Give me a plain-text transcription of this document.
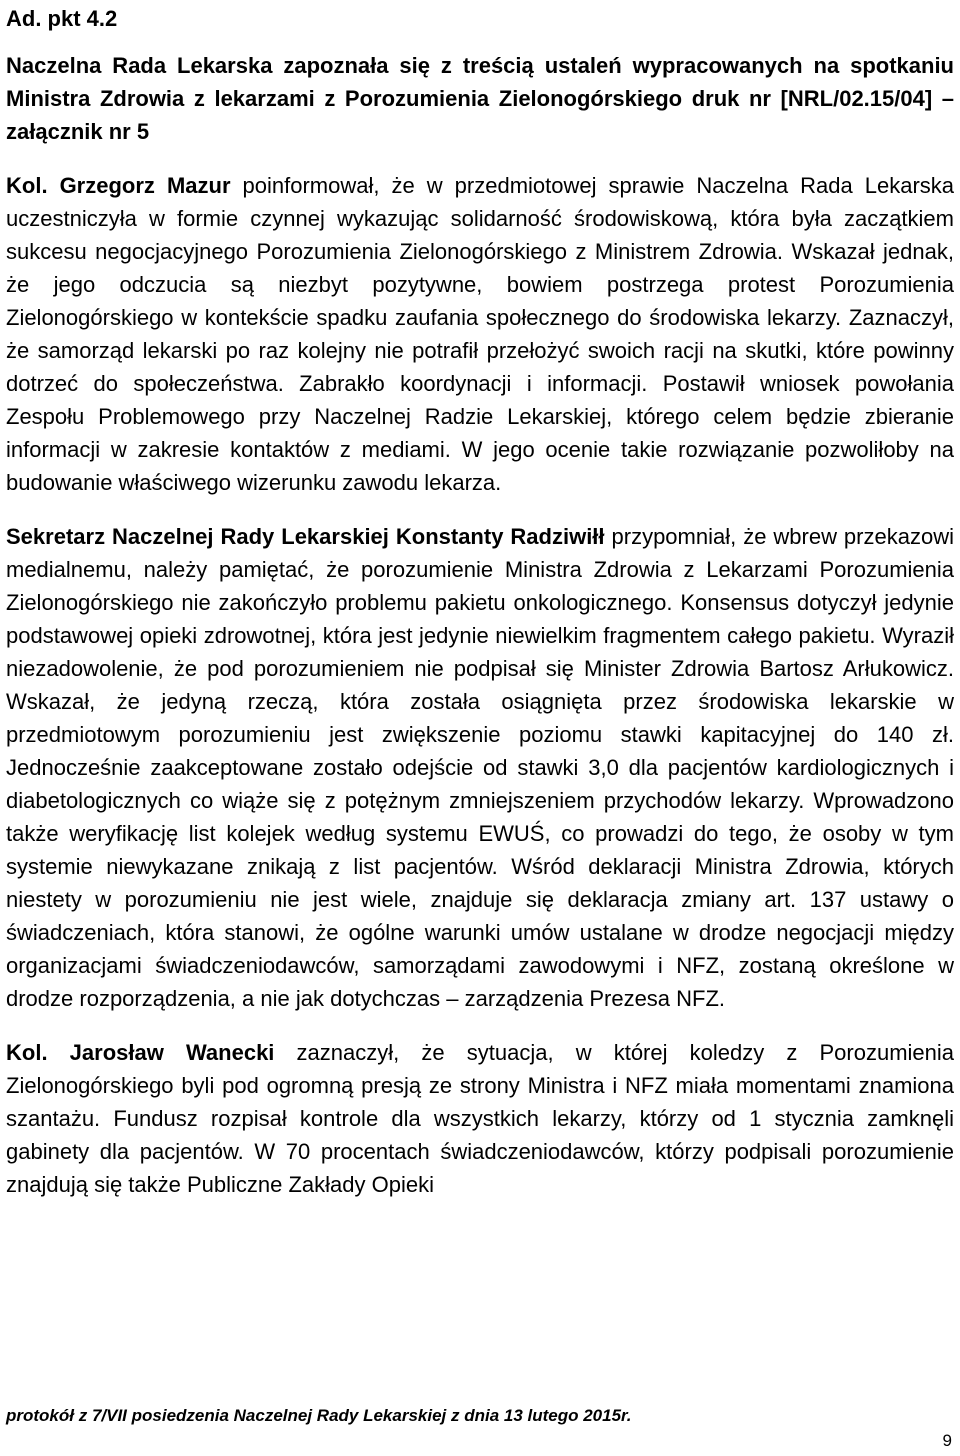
Ad. pkt 4.2

Naczelna Rada Lekarska zapoznała się z treścią ustaleń wypracowanych na spotkaniu Ministra Zdrowia z lekarzami z Porozumienia Zielonogórskiego druk nr [NRL/02.15/04] – załącznik nr 5

Kol. Grzegorz Mazur poinformował, że w przedmiotowej sprawie Naczelna Rada Lekarska uczestniczyła w formie czynnej wykazując solidarność środowiskową, która była zaczątkiem sukcesu negocjacyjnego Porozumienia Zielonogórskiego z Ministrem Zdrowia. Wskazał jednak, że jego odczucia są niezbyt pozytywne, bowiem postrzega protest Porozumienia Zielonogórskiego w kontekście spadku zaufania społecznego do środowiska lekarzy. Zaznaczył, że samorząd lekarski po raz kolejny nie potrafił przełożyć swoich racji na skutki, które powinny dotrzeć do społeczeństwa. Zabrakło koordynacji i informacji. Postawił wniosek powołania Zespołu Problemowego przy Naczelnej Radzie Lekarskiej, którego celem będzie zbieranie informacji w zakresie kontaktów z mediami. W jego ocenie takie rozwiązanie pozwoliłoby na budowanie właściwego wizerunku zawodu lekarza.

Sekretarz Naczelnej Rady Lekarskiej Konstanty Radziwiłł przypomniał, że wbrew przekazowi medialnemu, należy pamiętać, że porozumienie Ministra Zdrowia z Lekarzami Porozumienia Zielonogórskiego nie zakończyło problemu pakietu onkologicznego. Konsensus dotyczył jedynie podstawowej opieki zdrowotnej, która jest jedynie niewielkim fragmentem całego pakietu. Wyraził niezadowolenie, że pod porozumieniem nie podpisał się Minister Zdrowia Bartosz Arłukowicz. Wskazał, że jedyną rzeczą, która została osiągnięta przez środowiska lekarskie w przedmiotowym porozumieniu jest zwiększenie poziomu stawki kapitacyjnej do 140 zł. Jednocześnie zaakceptowane zostało odejście od stawki 3,0 dla pacjentów kardiologicznych i diabetologicznych co wiąże się z potężnym zmniejszeniem przychodów lekarzy. Wprowadzono także weryfikację list kolejek według systemu EWUŚ, co prowadzi do tego, że osoby w tym systemie niewykazane znikają z list pacjentów. Wśród deklaracji Ministra Zdrowia, których niestety w porozumieniu nie jest wiele, znajduje się deklaracja zmiany art. 137 ustawy o świadczeniach, która stanowi, że ogólne warunki umów ustalane w drodze negocjacji między organizacjami świadczeniodawców, samorządami zawodowymi i NFZ, zostaną określone w drodze rozporządzenia, a nie jak dotychczas – zarządzenia Prezesa NFZ.

Kol. Jarosław Wanecki zaznaczył, że sytuacja, w której koledzy z Porozumienia Zielonogórskiego byli pod ogromną presją ze strony Ministra i NFZ miała momentami znamiona szantażu. Fundusz rozpisał kontrole dla wszystkich lekarzy, którzy od 1 stycznia zamknęli gabinety dla pacjentów. W 70 procentach świadczeniodawców, którzy podpisali porozumienie znajdują się także Publiczne Zakłady Opieki

protokół z 7/VII posiedzenia Naczelnej Rady Lekarskiej z dnia 13 lutego 2015r.
9
